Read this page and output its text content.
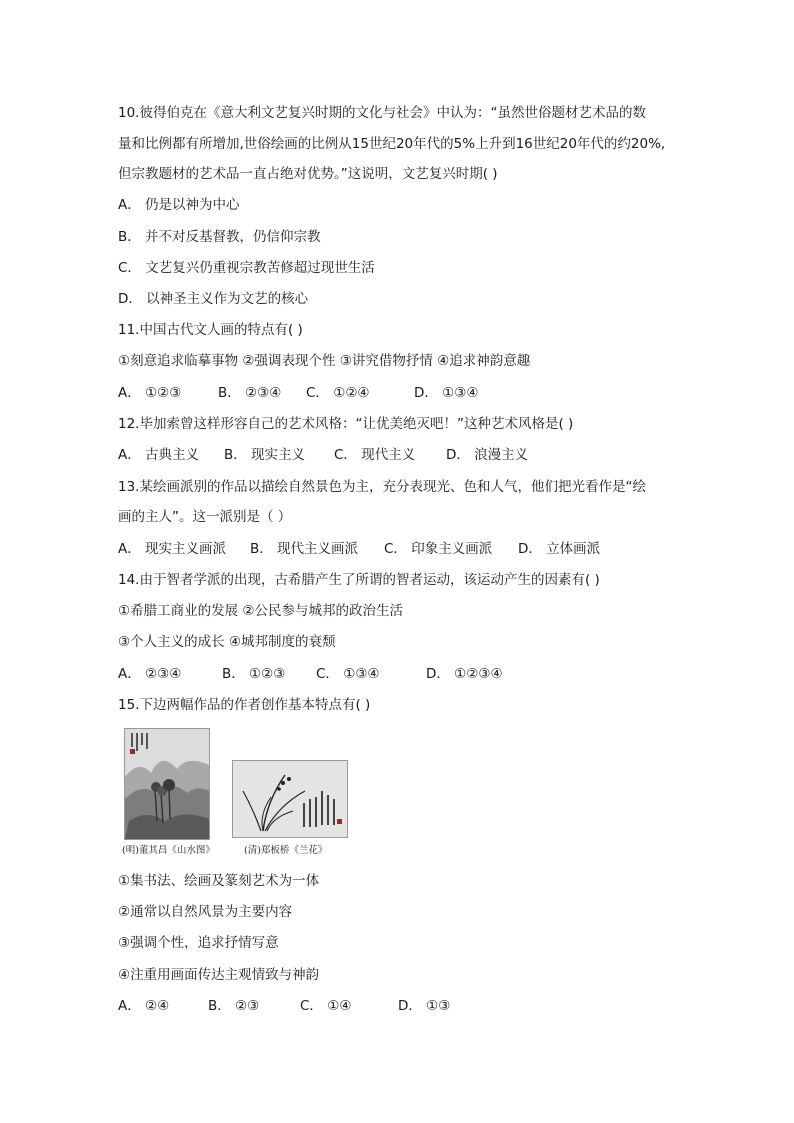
10.彼得伯克在《意大利文艺复兴时期的文化与社会》中认为：“虽然世俗题材艺术品的数
量和比例都有所增加,世俗绘画的比例从15世纪20年代的5%上升到16世纪20年代的约20%,
但宗教题材的艺术品一直占绝对优势。”这说明，文艺复兴时期( )
A． 仍是以神为中心
B． 并不对反基督教，仍信仰宗教
C． 文艺复兴仍重视宗教苦修超过现世生活
D． 以神圣主义作为文艺的核心
11.中国古代文人画的特点有( )
①刻意追求临摹事物 ②强调表现个性 ③讲究借物抒情 ④追求神韵意趣
A． ①②③	B． ②③④ C． ①②④	D． ①③④
12.毕加索曾这样形容自己的艺术风格：“让优美绝灭吧！”这种艺术风格是( )
A． 古典主义 B． 现实主义 C． 现代主义 D． 浪漫主义
13.某绘画派别的作品以描绘自然景色为主，充分表现光、色和人气，他们把光看作是“绘
画的主人”。这一派别是（ ）
A． 现实主义画派 B． 现代主义画派 C． 印象主义画派 D． 立体画派
14.由于智者学派的出现，古希腊产生了所谓的智者运动，该运动产生的因素有( )
①希腊工商业的发展 ②公民参与城邦的政治生活
③个人主义的成长 ④城邦制度的衰颓
A． ②③④	B． ①②③ C． ①③④	D． ①②③④
15.下边两幅作品的作者创作基本特点有( )
(明)董其昌《山水图》	(清)郑板桥《兰花》
①集书法、绘画及篆刻艺术为一体
②通常以自然风景为主要内容
③强调个性，追求抒情写意
④注重用画面传达主观情致与神韵
A． ②④	B． ②③	C． ①④	D． ①③
